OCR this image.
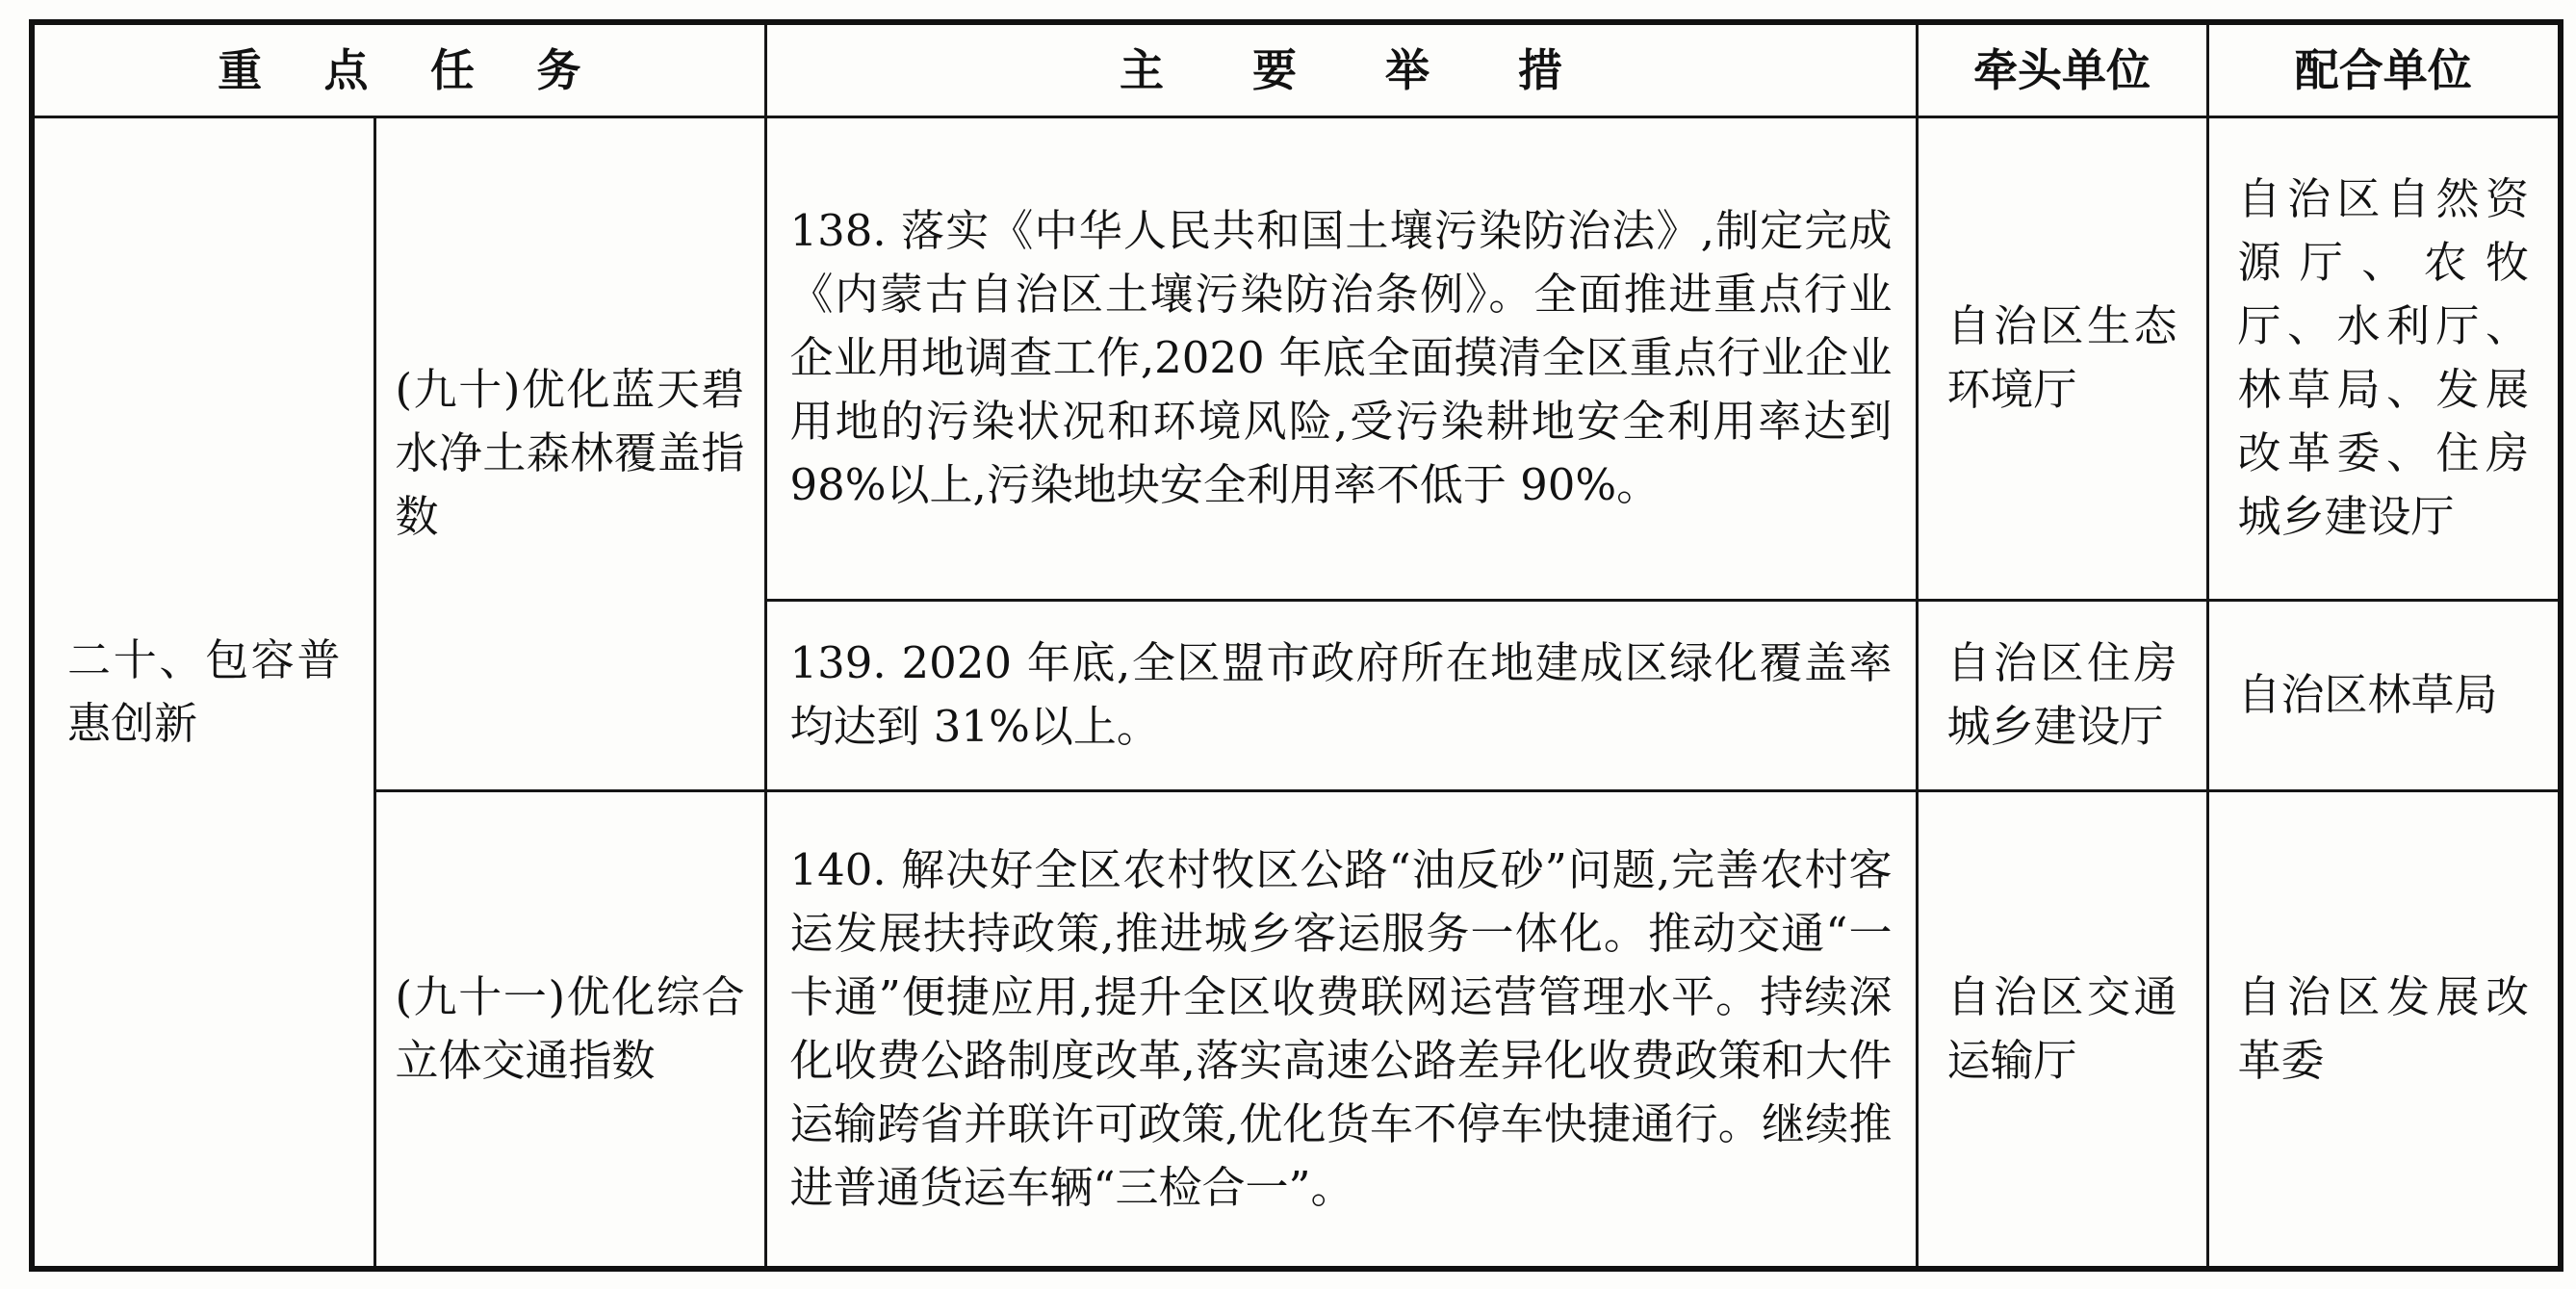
重点任务		主要举措	牵头单位	配合单位
二十、包容普惠创新	(九十)优化蓝天碧水净土森林覆盖指数	138. 落实《中华人民共和国土壤污染防治法》,制定完成《内蒙古自治区土壤污染防治条例》。全面推进重点行业企业用地调查工作,2020 年底全面摸清全区重点行业企业用地的污染状况和环境风险,受污染耕地安全利用率达到 98%以上,污染地块安全利用率不低于 90%。	自治区生态环境厅	自治区自然资源厅、农牧厅、水利厅、林草局、发展改革委、住房城乡建设厅
		139. 2020 年底,全区盟市政府所在地建成区绿化覆盖率均达到 31%以上。	自治区住房城乡建设厅	自治区林草局
	(九十一)优化综合立体交通指数	140. 解决好全区农村牧区公路“油反砂”问题,完善农村客运发展扶持政策,推进城乡客运服务一体化。推动交通“一卡通”便捷应用,提升全区收费联网运营管理水平。持续深化收费公路制度改革,落实高速公路差异化收费政策和大件运输跨省并联许可政策,优化货车不停车快捷通行。继续推进普通货运车辆“三检合一”。	自治区交通运输厅	自治区发展改革委
